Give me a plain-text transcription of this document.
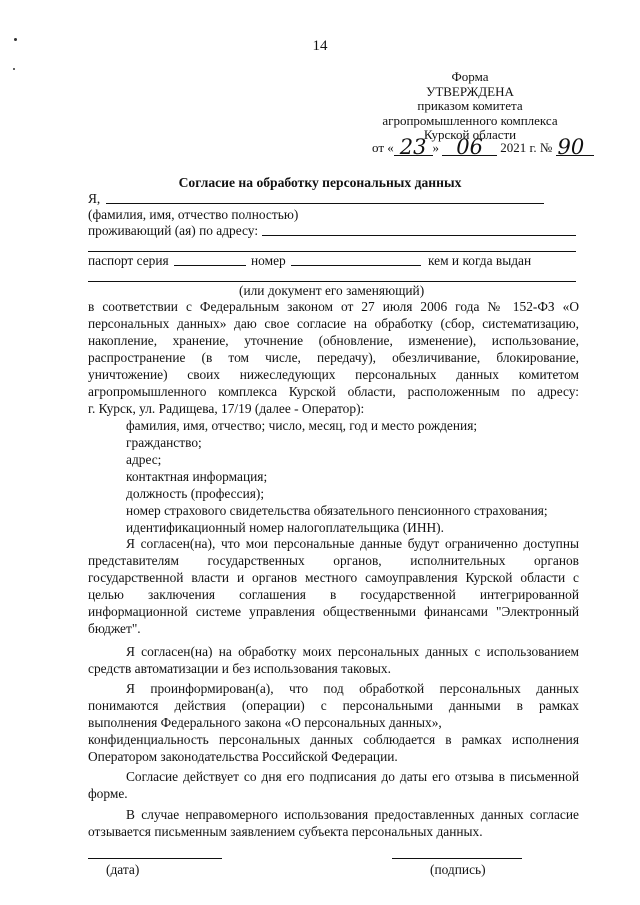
14
Форма
УТВЕРЖДЕНА
приказом комитета
агропромышленного комплекса
Курской области
от « 23 » 06 2021 г. № 90
Согласие на обработку персональных данных
Я,
(фамилия, имя, отчество полностью)
проживающий (ая) по адресу:
паспорт серия	номер	кем и когда выдан
(или документ его заменяющий)
в соответствии с Федеральным законом от 27 июля 2006 года № 152-ФЗ «О
персональных данных» даю свое согласие на обработку (сбор, систематизацию,
накопление, хранение, уточнение (обновление, изменение), использование,
распространение (в том числе, передачу), обезличивание, блокирование,
уничтожение) своих нижеследующих персональных данных комитетом
агропромышленного комплекса Курской области, расположенным по адресу:
г. Курск, ул. Радищева, 17/19 (далее - Оператор):
фамилия, имя, отчество; число, месяц, год и место рождения;
гражданство;
адрес;
контактная информация;
должность (профессия);
номер страхового свидетельства обязательного пенсионного страхования;
идентификационный номер налогоплательщика (ИНН).
Я согласен(на), что мои персональные данные будут ограниченно доступны
представителям государственных органов, исполнительных органов
государственной власти и органов местного самоуправления Курской области с
целью заключения соглашения в государственной интегрированной
информационной системе управления общественными финансами "Электронный
бюджет".
Я согласен(на) на обработку моих персональных данных с использованием
средств автоматизации и без использования таковых.
Я проинформирован(а), что под обработкой персональных данных
понимаются действия (операции) с персональными данными в рамках
выполнения Федерального закона «О персональных данных»,
конфиденциальность персональных данных соблюдается в рамках исполнения
Оператором законодательства Российской Федерации.
Согласие действует со дня его подписания до даты его отзыва в письменной
форме.
В случае неправомерного использования предоставленных данных согласие
отзывается письменным заявлением субъекта персональных данных.
(дата)	(подпись)
